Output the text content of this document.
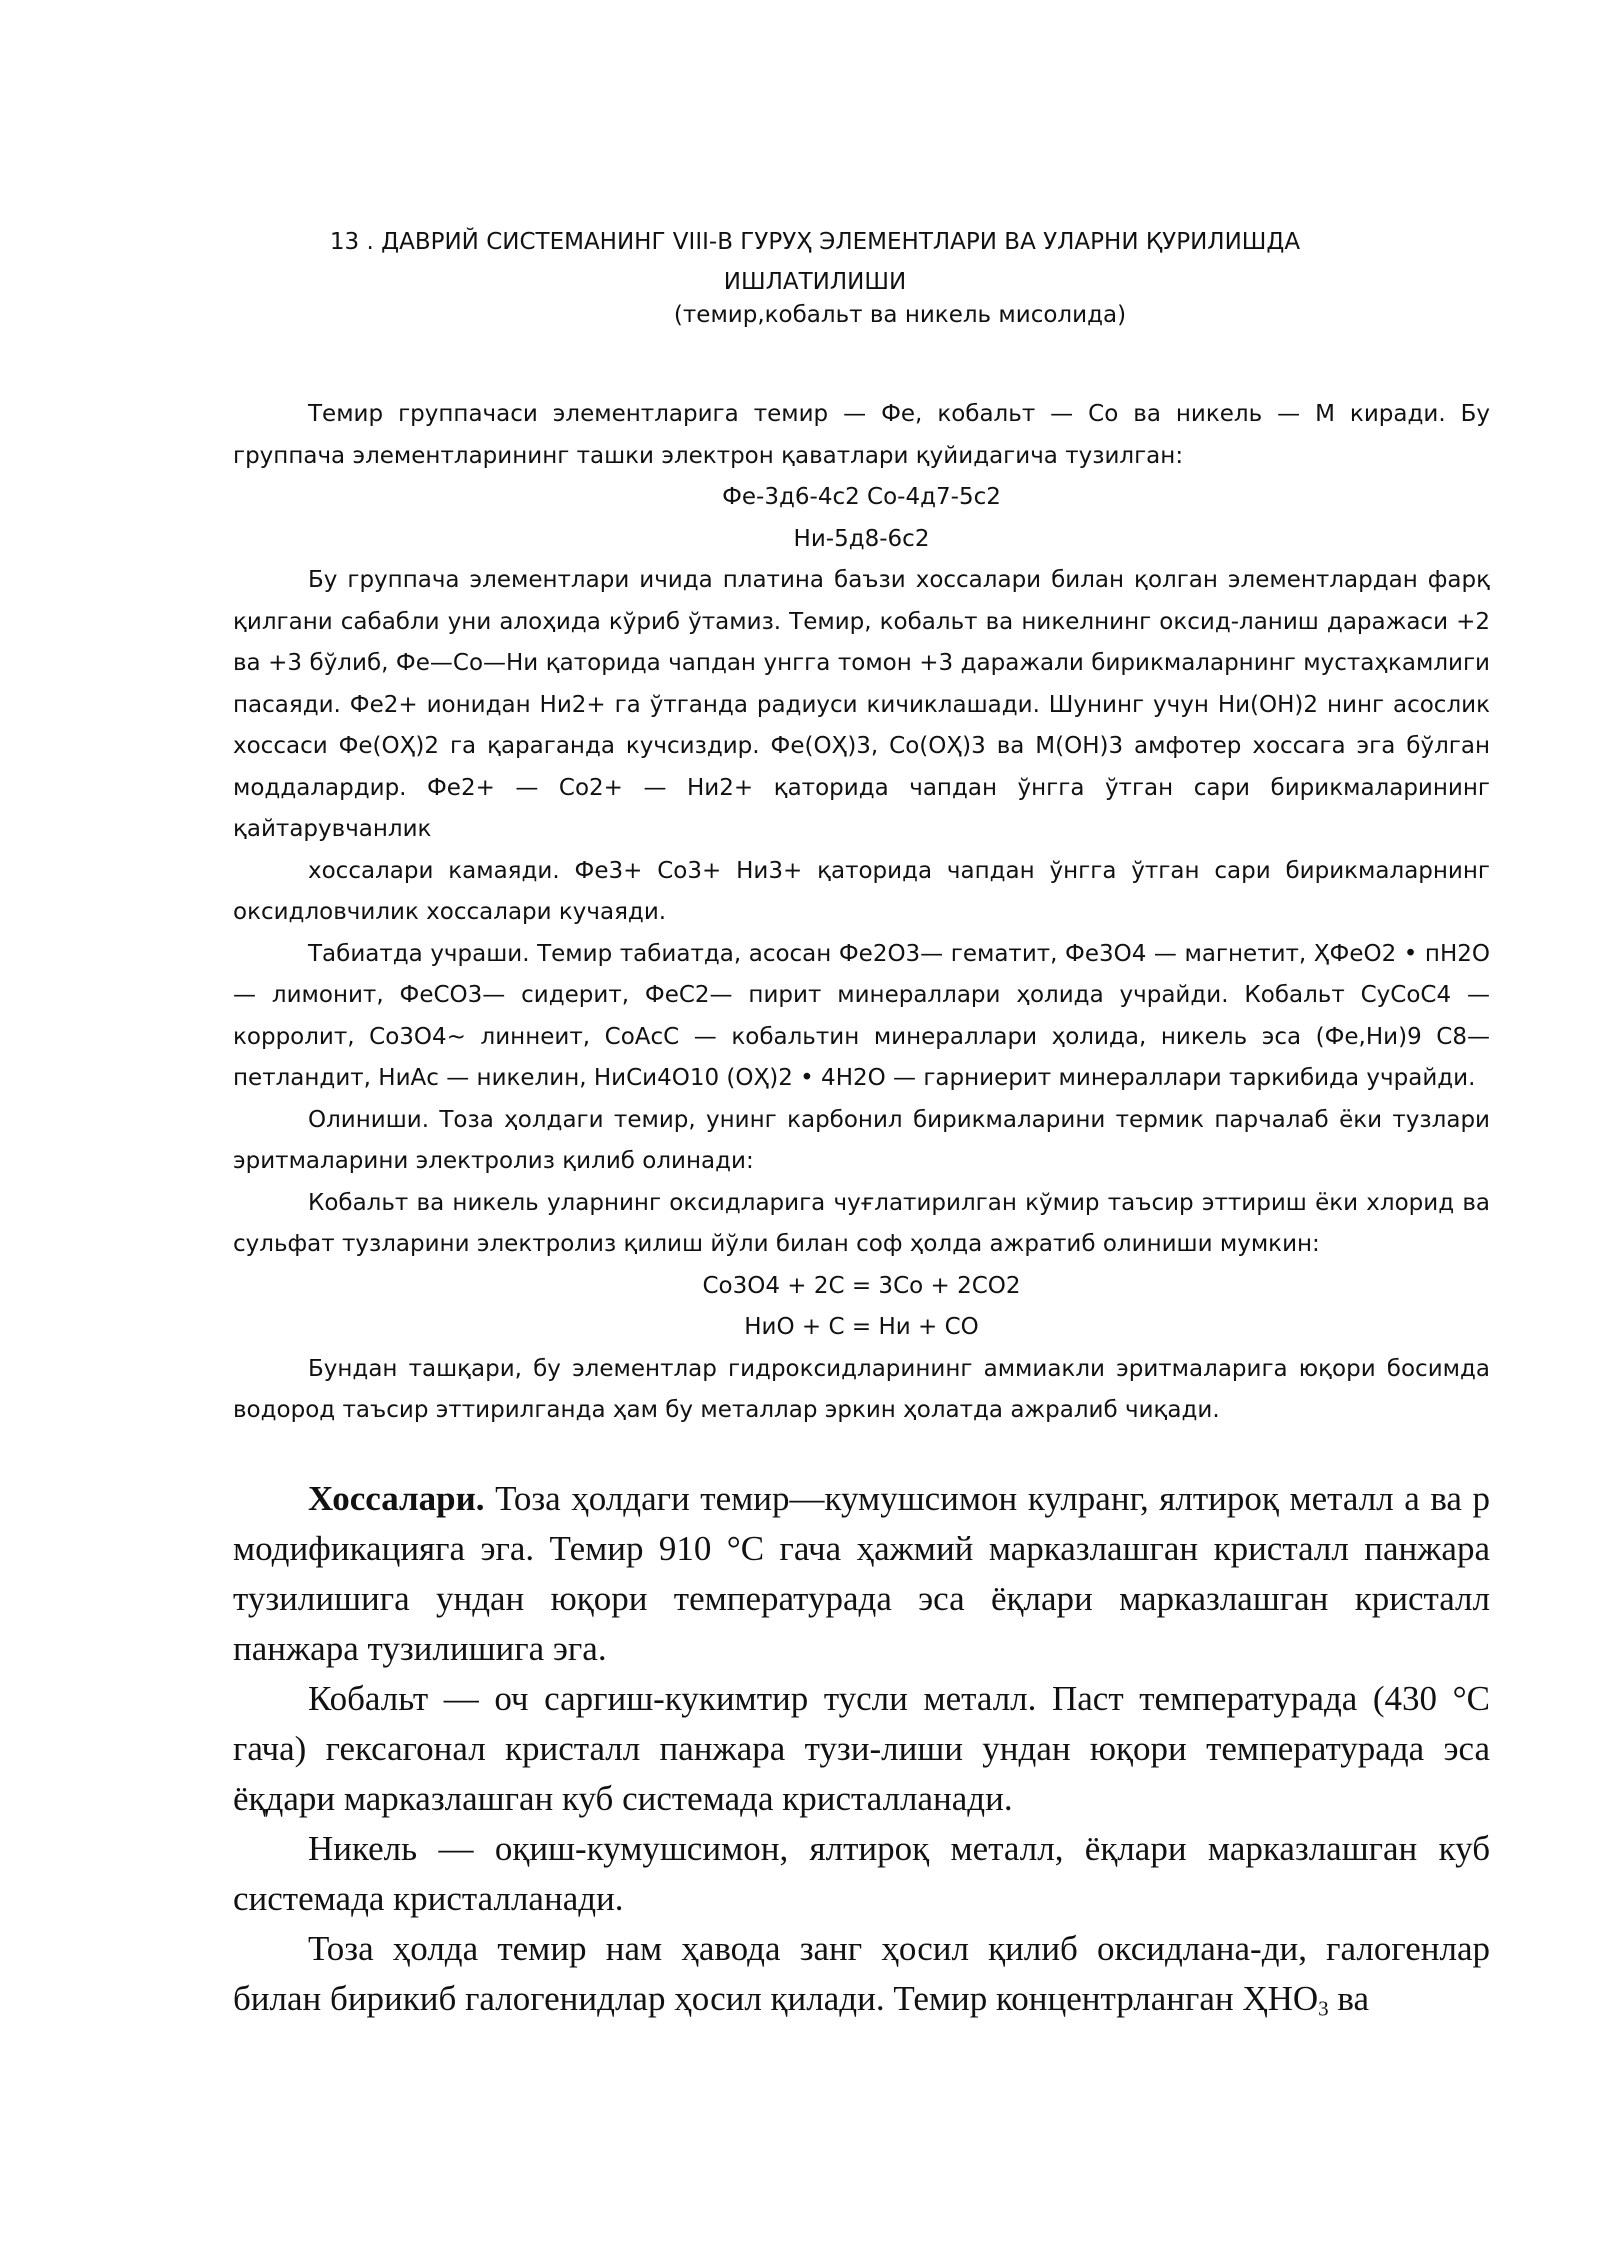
13 . ДАВРИЙ СИСТЕМАНИНГ VIII-В ГУРУҲ ЭЛЕМЕНТЛАРИ ВА УЛАРНИ ҚУРИЛИШДА
ИШЛАТИЛИШИ
(темир,кобальт ва никель мисолида)

Темир группачаси элементларига темир — Фе, кобальт — Со ва никель — М киради. Бу группача элементларининг ташки электрон қаватлари қуйидагича тузилган:

Фе-3д6-4с2 Со-4д7-5с2

Ни-5д8-6с2

Бу группача элементлари ичида платина баъзи хоссалари билан қолган элементлардан фарқ қилгани сабабли уни алоҳида кўриб ўтамиз. Темир, кобальт ва никелнинг оксид-ланиш даражаси +2 ва +3 бўлиб, Фе—Со—Ни қаторида чапдан унгга томон +3 даражали бирикмаларнинг мустаҳкамлиги пасаяди. Фе2+ ионидан Ни2+ га ўтганда радиуси кичиклашади. Шунинг учун Ни(ОН)2 нинг асослик хоссаси Фе(ОҲ)2 га қараганда кучсиздир. Фе(ОҲ)3, Со(ОҲ)3 ва М(ОН)3 амфотер хоссага эга бўлган моддалардир. Фе2+ — Со2+ — Ни2+ қаторида чапдан ўнгга ўтган сари бирикмаларининг қайтарувчанлик

хоссалари камаяди. Фе3+ Со3+ Ни3+ қаторида чапдан ўнгга ўтган сари бирикмаларнинг оксидловчилик хоссалари кучаяди.

Табиатда учраши. Темир табиатда, асосан Фе2О3— гематит, Фе3О4 — магнетит, ҲФеО2 • пН2О — лимонит, ФеСО3— сидерит, ФеС2— пирит минераллари ҳолида учрайди. Кобальт СуСоС4 — корролит, Со3О4~ линнеит, СоАсС — кобальтин минераллари ҳолида, никель эса (Фе,Ни)9 С8— петландит, НиАс — никелин, НиСи4О10 (ОҲ)2 • 4Н2О — гарниерит минераллари таркибида учрайди.

Олиниши. Тоза ҳолдаги темир, унинг карбонил бирикмаларини термик парчалаб ёки тузлари эритмаларини электролиз қилиб олинади:

Кобальт ва никель уларнинг оксидларига чуғлатирилган кўмир таъсир эттириш ёки хлорид ва сульфат тузларини электролиз қилиш йўли билан соф ҳолда ажратиб олиниши мумкин:

Со3О4 + 2С = 3Со + 2СО2

НиО + С = Ни + СО

Бундан ташқари, бу элементлар гидроксидларининг аммиакли эритмаларига юқори босимда водород таъсир эттирилганда ҳам бу металлар эркин ҳолатда ажралиб чиқади.

Хоссалари. Тоза ҳолдаги темир—кумушсимон кулранг, ялтироқ металл а ва р модификацияга эга. Темир 910 °С гача ҳажмий марказлашган кристалл панжара тузилишига ундан юқори температурада эса ёқлари марказлашган кристалл панжара тузилишига эга.

Кобальт — оч саргиш-кукимтир тусли металл. Паст температурада (430 °С гача) гексагонал кристалл панжара тузи-лиши ундан юқори температурада эса ёқдари марказлашган куб системада кристалланади.

Никель — оқиш-кумушсимон, ялтироқ металл, ёқлари марказлашган куб системада кристалланади.

Тоза ҳолда темир нам ҳавода занг ҳосил қилиб оксидлана-ди, галогенлар билан бирикиб галогенидлар ҳосил қилади. Темир концентрланган $ҲНО_3$ ва
